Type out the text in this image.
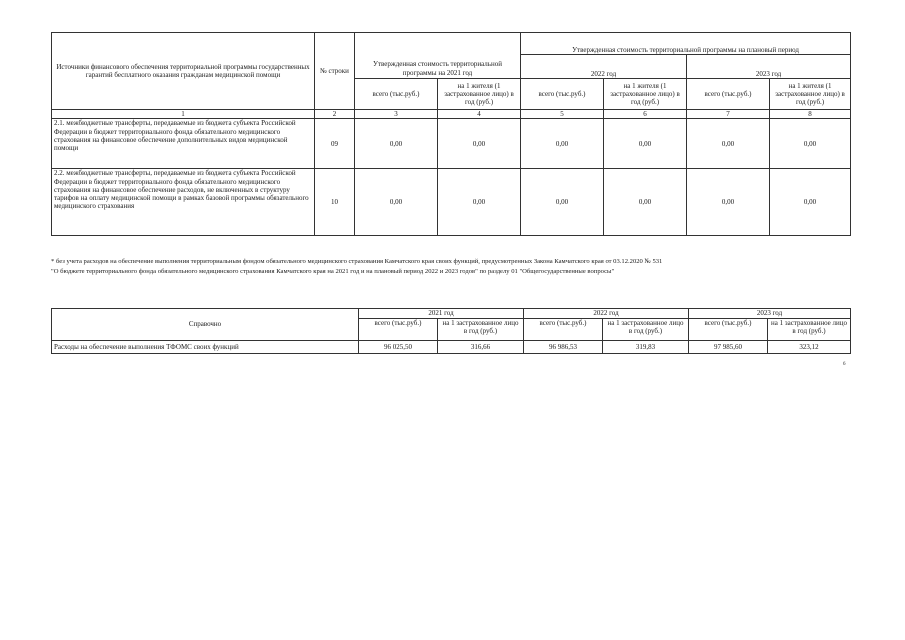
Источники финансового обеспечения территориальной программы государственных гарантий бесплатного оказания гражданам медицинской помощи	№ строки	Утвержденная стоимость территориальной программы на 2021 год		Утвержденная стоимость территориальной программы на плановый период			
				2022 год		2023 год	
		всего (тыс.руб.)	на 1 жителя (1 застрахованное лицо) в год (руб.)	всего (тыс.руб.)	на 1 жителя (1 застрахованное лицо) в год (руб.)	всего (тыс.руб.)	на 1 жителя (1 застрахованное лицо) в год (руб.)
1	2	3	4	5	6	7	8
2.1. межбюджетные трансферты, передаваемые из бюджета субъекта Российской Федерации в бюджет территориального фонда обязательного медицинского страхования на финансовое обеспечение дополнительных видов медицинской помощи	09	0,00	0,00	0,00	0,00	0,00	0,00
2.2. межбюджетные трансферты, передаваемые из бюджета субъекта Российской Федерации в бюджет территориального фонда обязательного медицинского страхования на финансовое обеспечение расходов, не включенных в структуру тарифов на оплату медицинской помощи в рамках базовой программы обязательного медицинского страхования	10	0,00	0,00	0,00	0,00	0,00	0,00
* без учета расходов на обеспечение выполнения территориальным фондом обязательного медицинского страхования Камчатского края своих функций, предусмотренных Закона Камчатского края от 03.12.2020 № 531
"О бюджете территориального фонда обязательного медицинского страхования Камчатского края на 2021 год и на плановый период 2022 и 2023 годов" по разделу 01 "Общегосударственные вопросы"
Справочно	2021 год		2022 год		2023 год	
	всего (тыс.руб.)	на 1 застрахованное лицо в год (руб.)	всего (тыс.руб.)	на 1 застрахованное лицо в год (руб.)	всего (тыс.руб.)	на 1 застрахованное лицо в год (руб.)
Расходы на обеспечение выполнения ТФОМС своих функций	96 025,50	316,66	96 986,53	319,83	97 985,60	323,12
6
